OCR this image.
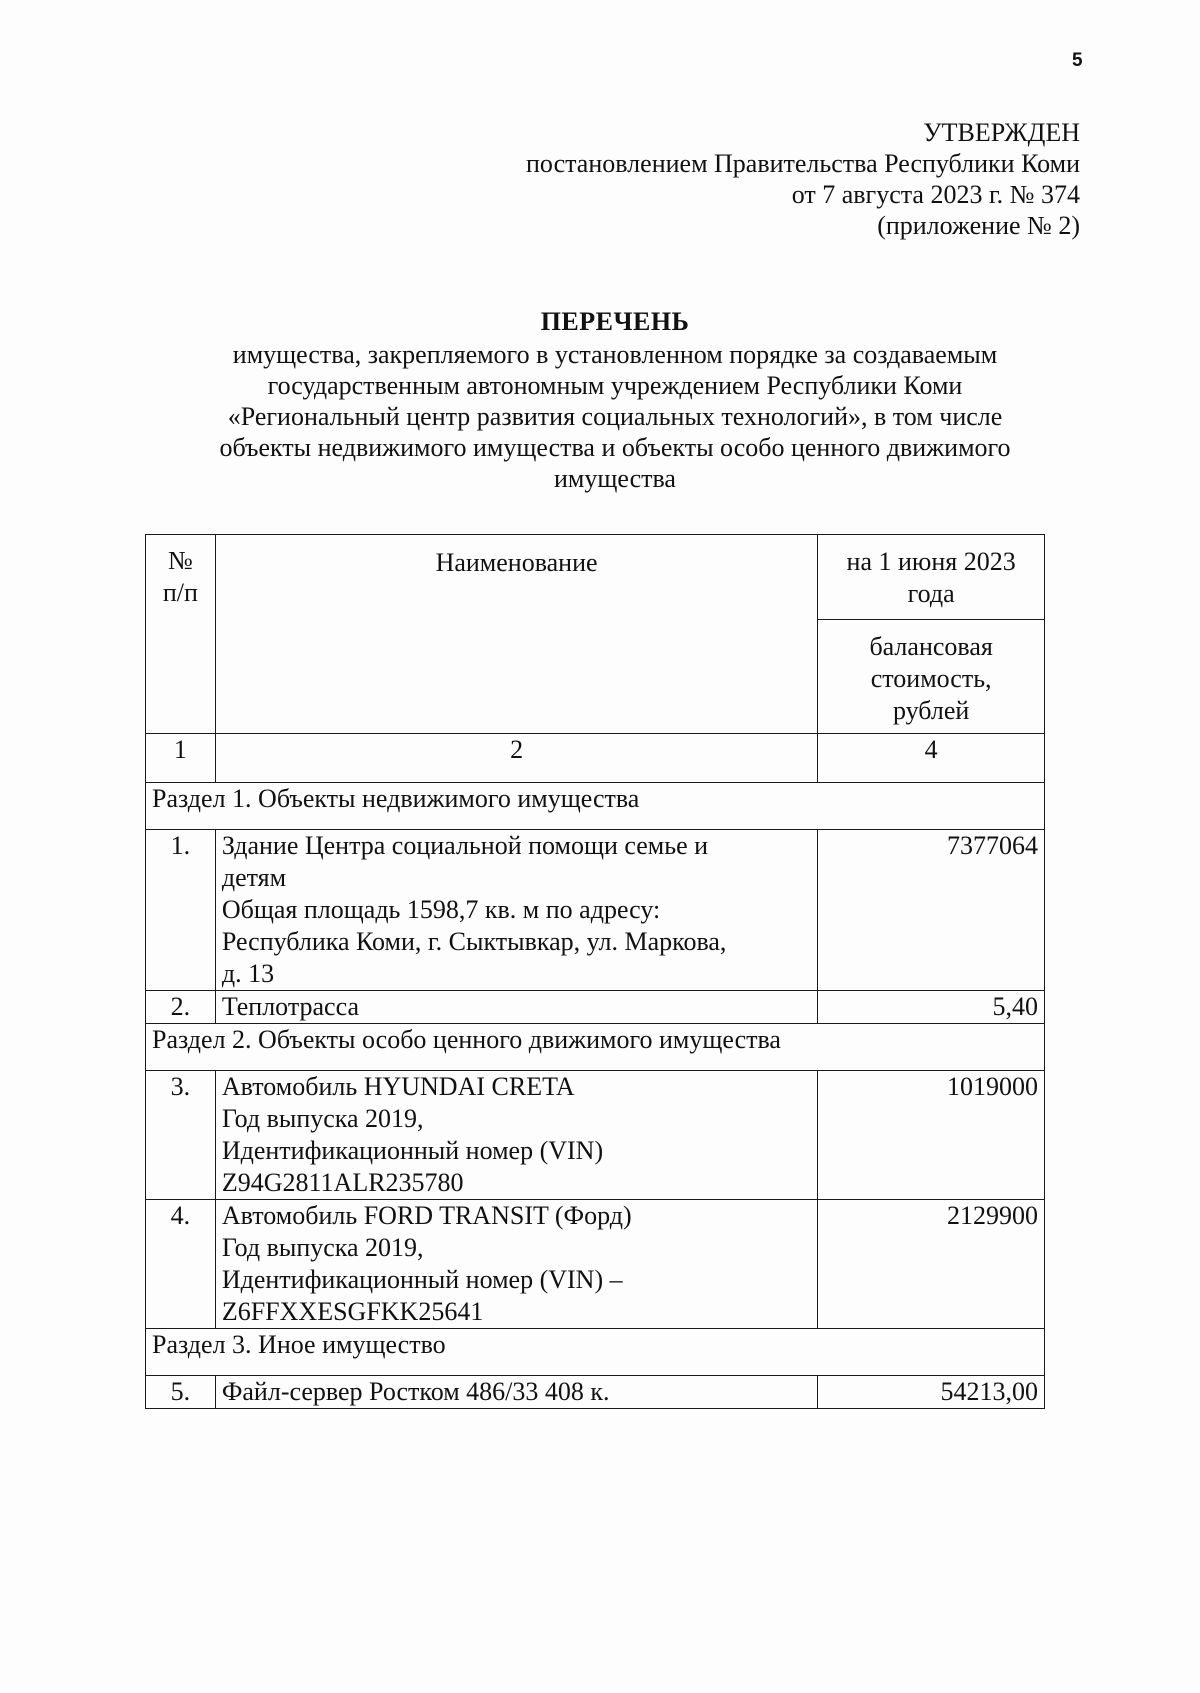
5
УТВЕРЖДЕН
постановлением Правительства Республики Коми
от 7 августа 2023 г. № 374
(приложение № 2)
ПЕРЕЧЕНЬ
имущества, закрепляемого в установленном порядке за создаваемым
государственным автономным учреждением Республики Коми
«Региональный центр развития социальных технологий», в том числе
объекты недвижимого имущества и объекты особо ценного движимого
имущества
№
п/п	Наименование	на 1 июня 2023
года

		балансовая
стоимость,
рублей

1	2	4
Раздел 1. Объекты недвижимого имущества		
1.	Здание Центра социальной помощи семье и
детям
Общая площадь 1598,7 кв. м по адресу:
Республика Коми, г. Сыктывкар, ул. Маркова,
д. 13	7377064
2.	Теплотрасса	5,40
Раздел 2. Объекты особо ценного движимого имущества		
3.	Автомобиль HYUNDAI CRETA
Год выпуска 2019,
Идентификационный номер (VIN)
Z94G2811ALR235780	1019000
4.	Автомобиль FORD TRANSIT (Форд)
Год выпуска 2019,
Идентификационный номер (VIN) –
Z6FFXXESGFKK25641	2129900
Раздел 3. Иное имущество		
5.	Файл-сервер Ростком 486/33 408 к.	54213,00
